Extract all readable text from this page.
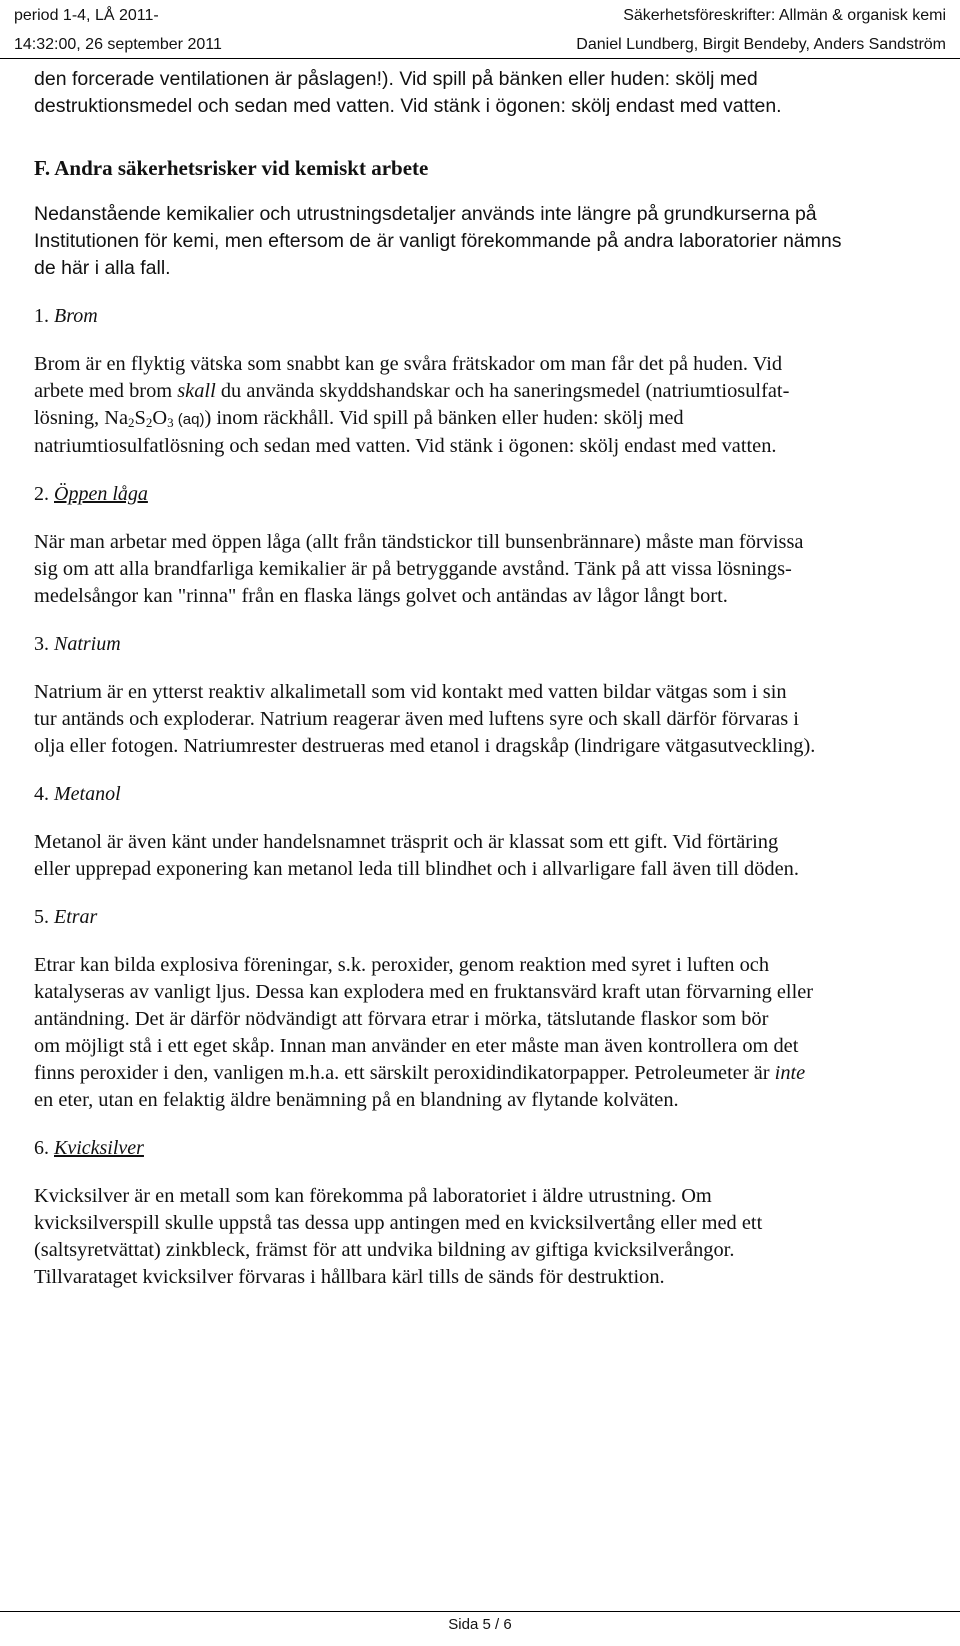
period 1-4, LÅ 2011-	Säkerhetsföreskrifter: Allmän & organisk kemi
14:32:00, 26 september 2011	Daniel Lundberg, Birgit Bendeby, Anders Sandström

den forcerade ventilationen är påslagen!). Vid spill på bänken eller huden: skölj med

destruktionsmedel och sedan med vatten. Vid stänk i ögonen: skölj endast med vatten.

F. Andra säkerhetsrisker vid kemiskt arbete

Nedanstående kemikalier och utrustningsdetaljer används inte längre på grundkurserna på

Institutionen för kemi, men eftersom de är vanligt förekommande på andra laboratorier nämns

de här i alla fall.

1. Brom

Brom är en flyktig vätska som snabbt kan ge svåra frätskador om man får det på huden. Vid

arbete med brom skall du använda skyddshandskar och ha saneringsmedel (natriumtiosulfat-

lösning, $Na_2S_2O_3$ (aq)) inom räckhåll. Vid spill på bänken eller huden: skölj med

natriumtiosulfatlösning och sedan med vatten. Vid stänk i ögonen: skölj endast med vatten.

2. Öppen låga

När man arbetar med öppen låga (allt från tändstickor till bunsenbrännare) måste man förvissa

sig om att alla brandfarliga kemikalier är på betryggande avstånd. Tänk på att vissa lösnings-

medelsångor kan "rinna" från en flaska längs golvet och antändas av lågor långt bort.

3. Natrium

Natrium är en ytterst reaktiv alkalimetall som vid kontakt med vatten bildar vätgas som i sin

tur antänds och exploderar. Natrium reagerar även med luftens syre och skall därför förvaras i

olja eller fotogen. Natriumrester destrueras med etanol i dragskåp (lindrigare vätgasutveckling).

4. Metanol

Metanol är även känt under handelsnamnet träsprit och är klassat som ett gift. Vid förtäring

eller upprepad exponering kan metanol leda till blindhet och i allvarligare fall även till döden.

5. Etrar

Etrar kan bilda explosiva föreningar, s.k. peroxider, genom reaktion med syret i luften och

katalyseras av vanligt ljus. Dessa kan explodera med en fruktansvärd kraft utan förvarning eller

antändning. Det är därför nödvändigt att förvara etrar i mörka, tätslutande flaskor som bör

om möjligt stå i ett eget skåp. Innan man använder en eter måste man även kontrollera om det

finns peroxider i den, vanligen m.h.a. ett särskilt peroxidindikatorpapper. Petroleumeter är inte

en eter, utan en felaktig äldre benämning på en blandning av flytande kolväten.

6. Kvicksilver

Kvicksilver är en metall som kan förekomma på laboratoriet i äldre utrustning. Om

kvicksilverspill skulle uppstå tas dessa upp antingen med en kvicksilvertång eller med ett

(saltsyretvättat) zinkbleck, främst för att undvika bildning av giftiga kvicksilverångor.

Tillvarataget kvicksilver förvaras i hållbara kärl tills de sänds för destruktion.

Sida 5 / 6
